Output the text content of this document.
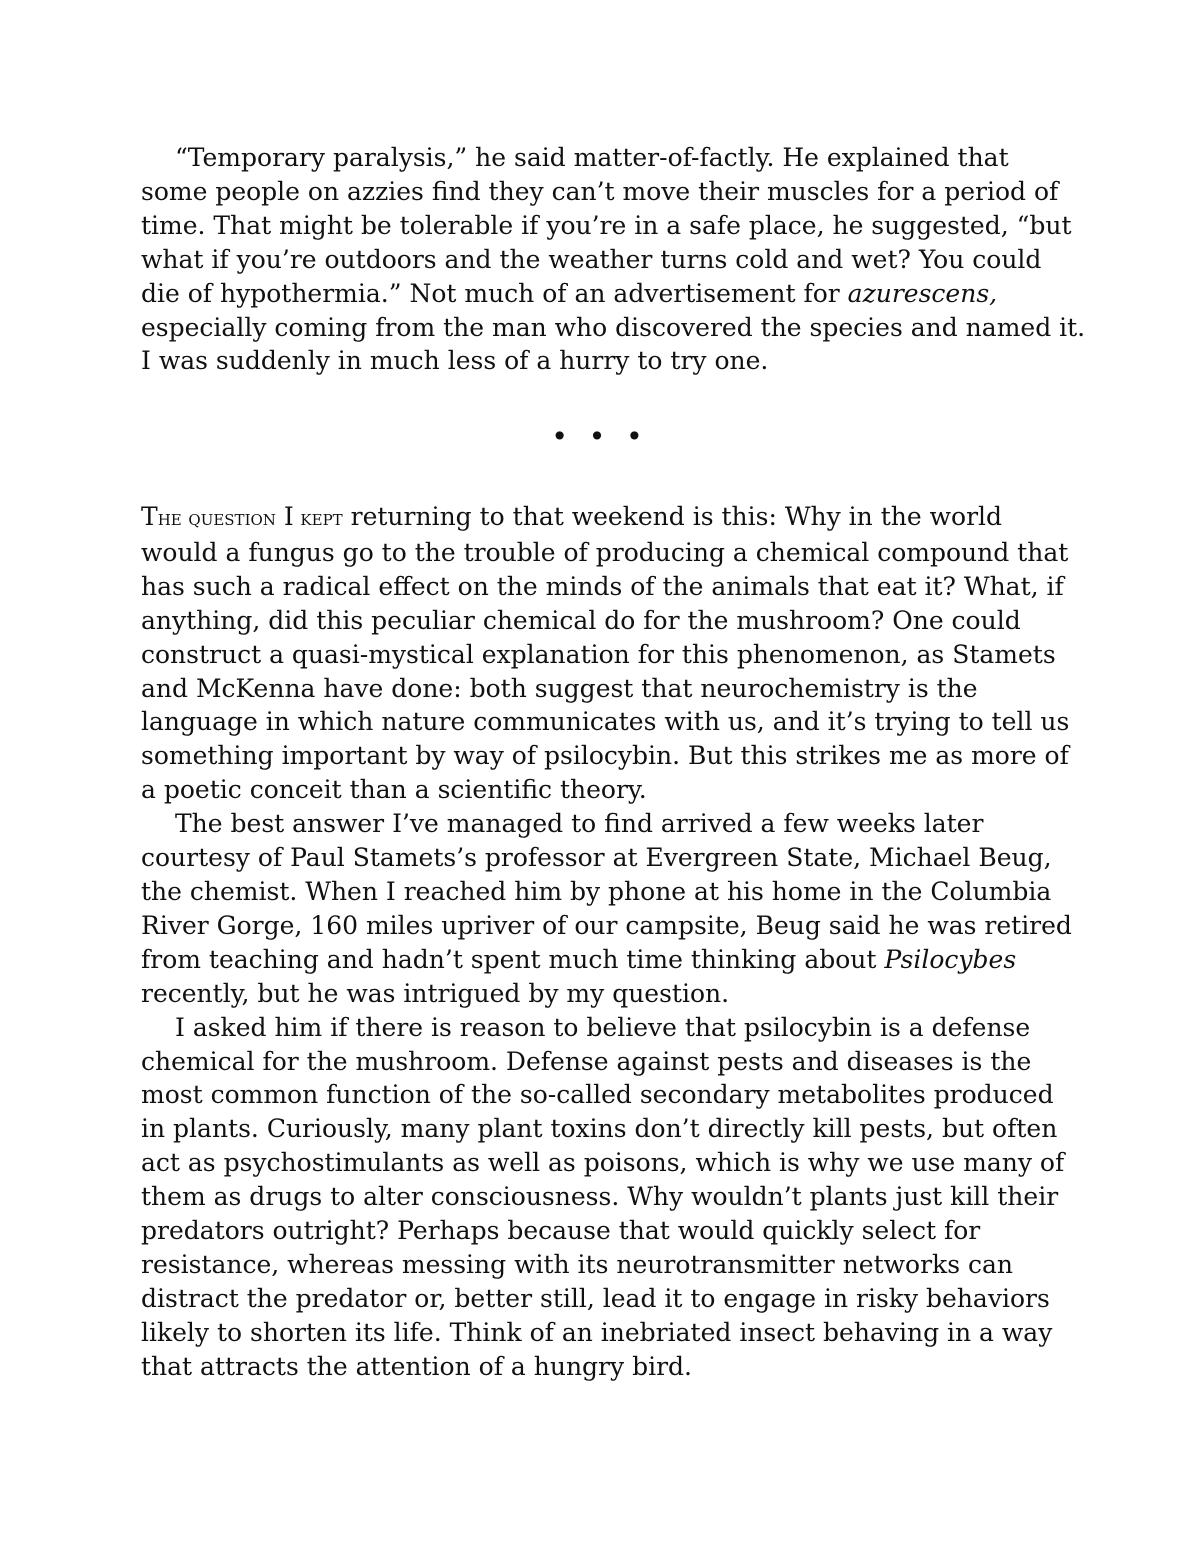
“Temporary paralysis,” he said matter-of-factly. He explained that
some people on azzies find they can’t move their muscles for a period of
time. That might be tolerable if you’re in a safe place, he suggested, “but
what if you’re outdoors and the weather turns cold and wet? You could
die of hypothermia.” Not much of an advertisement for azurescens,
especially coming from the man who discovered the species and named it.
I was suddenly in much less of a hurry to try one.
• • •
The question I kept returning to that weekend is this: Why in the world
would a fungus go to the trouble of producing a chemical compound that
has such a radical effect on the minds of the animals that eat it? What, if
anything, did this peculiar chemical do for the mushroom? One could
construct a quasi-mystical explanation for this phenomenon, as Stamets
and McKenna have done: both suggest that neurochemistry is the
language in which nature communicates with us, and it’s trying to tell us
something important by way of psilocybin. But this strikes me as more of
a poetic conceit than a scientific theory.
The best answer I’ve managed to find arrived a few weeks later
courtesy of Paul Stamets’s professor at Evergreen State, Michael Beug,
the chemist. When I reached him by phone at his home in the Columbia
River Gorge, 160 miles upriver of our campsite, Beug said he was retired
from teaching and hadn’t spent much time thinking about Psilocybes
recently, but he was intrigued by my question.
I asked him if there is reason to believe that psilocybin is a defense
chemical for the mushroom. Defense against pests and diseases is the
most common function of the so-called secondary metabolites produced
in plants. Curiously, many plant toxins don’t directly kill pests, but often
act as psychostimulants as well as poisons, which is why we use many of
them as drugs to alter consciousness. Why wouldn’t plants just kill their
predators outright? Perhaps because that would quickly select for
resistance, whereas messing with its neurotransmitter networks can
distract the predator or, better still, lead it to engage in risky behaviors
likely to shorten its life. Think of an inebriated insect behaving in a way
that attracts the attention of a hungry bird.
